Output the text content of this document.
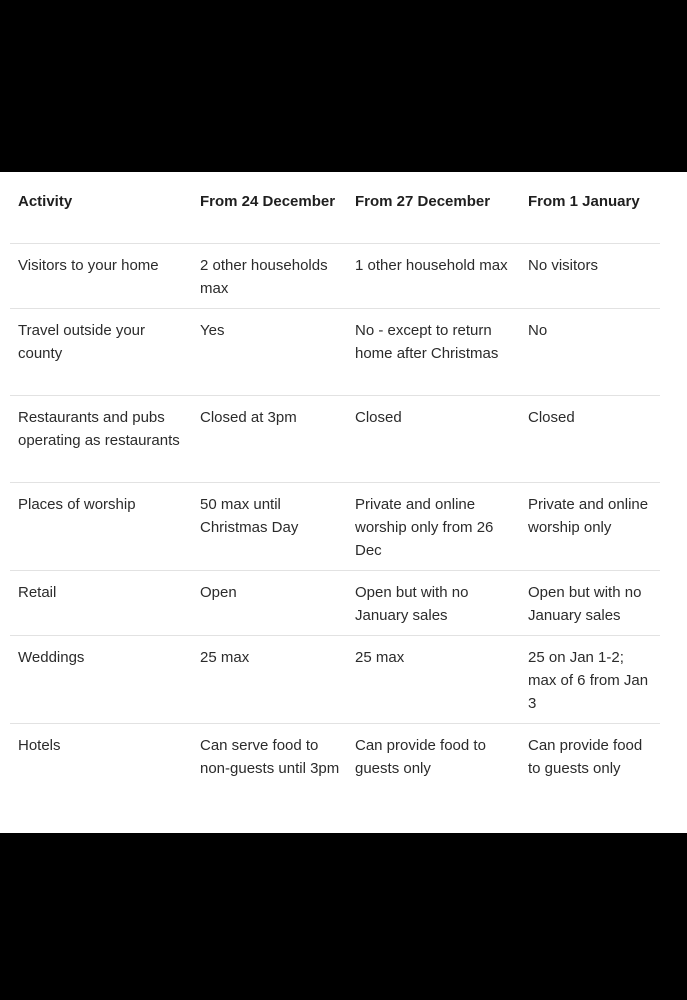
Activity	From 24 December	From 27 December	From 1 January
Visitors to your home	2 other households max	1 other household max	No visitors
Travel outside your county	Yes	No - except to return home after Christmas	No
Restaurants and pubs operating as restaurants	Closed at 3pm	Closed	Closed
Places of worship	50 max until Christmas Day	Private and online worship only from 26 Dec	Private and online worship only
Retail	Open	Open but with no January sales	Open but with no January sales
Weddings	25 max	25 max	25 on Jan 1-2; max of 6 from Jan 3
Hotels	Can serve food to non-guests until 3pm	Can provide food to guests only	Can provide food to guests only
